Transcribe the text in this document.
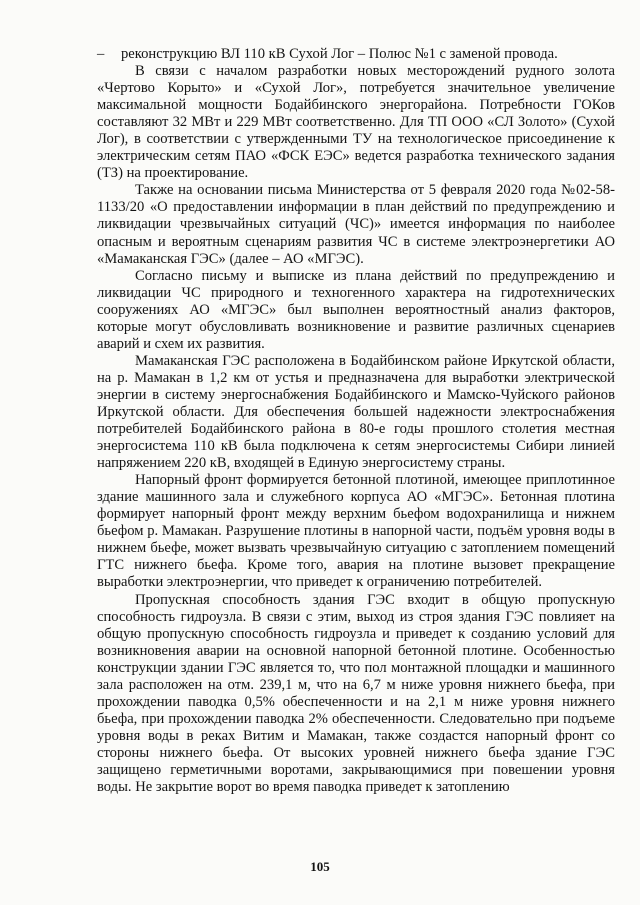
– реконструкцию ВЛ 110 кВ Сухой Лог – Полюс №1 с заменой провода.

В связи с началом разработки новых месторождений рудного золота «Чертово Корыто» и «Сухой Лог», потребуется значительное увеличение максимальной мощности Бодайбинского энергорайона. Потребности ГОКов составляют 32 МВт и 229 МВт соответственно. Для ТП ООО «СЛ Золото» (Сухой Лог), в соответствии с утвержденными ТУ на технологическое присоединение к электрическим сетям ПАО «ФСК ЕЭС» ведется разработка технического задания (ТЗ) на проектирование.

Также на основании письма Министерства от 5 февраля 2020 года №02-58-1133/20 «О предоставлении информации в план действий по предупреждению и ликвидации чрезвычайных ситуаций (ЧС)» имеется информация по наиболее опасным и вероятным сценариям развития ЧС в системе электроэнергетики АО «Мамаканская ГЭС» (далее – АО «МГЭС).

Согласно письму и выписке из плана действий по предупреждению и ликвидации ЧС природного и техногенного характера на гидротехнических сооружениях АО «МГЭС» был выполнен вероятностный анализ факторов, которые могут обусловливать возникновение и развитие различных сценариев аварий и схем их развития.

Мамаканская ГЭС расположена в Бодайбинском районе Иркутской области, на р. Мамакан в 1,2 км от устья и предназначена для выработки электрической энергии в систему энергоснабжения Бодайбинского и Мамско-Чуйского районов Иркутской области. Для обеспечения большей надежности электроснабжения потребителей Бодайбинского района в 80-е годы прошлого столетия местная энергосистема 110 кВ была подключена к сетям энергосистемы Сибири линией напряжением 220 кВ, входящей в Единую энергосистему страны.

Напорный фронт формируется бетонной плотиной, имеющее приплотинное здание машинного зала и служебного корпуса АО «МГЭС». Бетонная плотина формирует напорный фронт между верхним бьефом водохранилища и нижнем бьефом р. Мамакан. Разрушение плотины в напорной части, подъём уровня воды в нижнем бьефе, может вызвать чрезвычайную ситуацию с затоплением помещений ГТС нижнего бьефа. Кроме того, авария на плотине вызовет прекращение выработки электроэнергии, что приведет к ограничению потребителей.

Пропускная способность здания ГЭС входит в общую пропускную способность гидроузла. В связи с этим, выход из строя здания ГЭС повлияет на общую пропускную способность гидроузла и приведет к созданию условий для возникновения аварии на основной напорной бетонной плотине. Особенностью конструкции здании ГЭС является то, что пол монтажной площадки и машинного зала расположен на отм. 239,1 м, что на 6,7 м ниже уровня нижнего бьефа, при прохождении паводка 0,5% обеспеченности и на 2,1 м ниже уровня нижнего бьефа, при прохождении паводка 2% обеспеченности. Следовательно при подъеме уровня воды в реках Витим и Мамакан, также создастся напорный фронт со стороны нижнего бьефа. От высоких уровней нижнего бьефа здание ГЭС защищено герметичными воротами, закрывающимися при повешении уровня воды. Не закрытие ворот во время паводка приведет к затоплению

105
